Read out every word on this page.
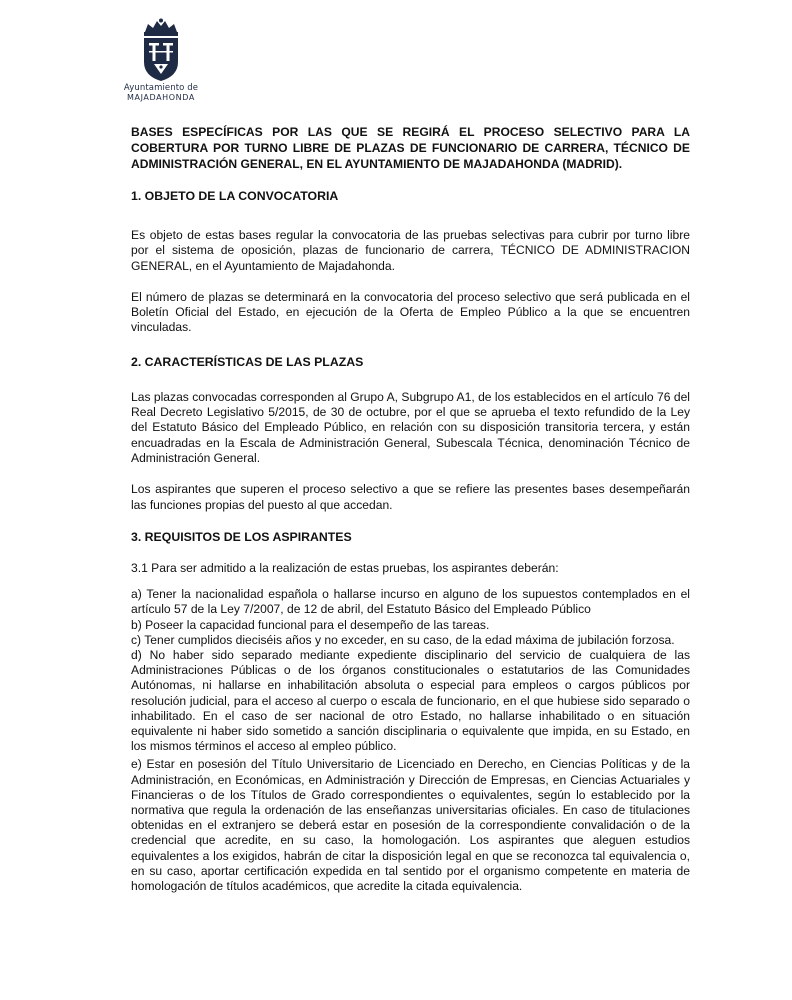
Ayuntamiento de
MAJADAHONDA
BASES ESPECÍFICAS POR LAS QUE SE REGIRÁ EL PROCESO SELECTIVO PARA LA COBERTURA POR TURNO LIBRE DE PLAZAS DE FUNCIONARIO DE CARRERA, TÉCNICO DE ADMINISTRACIÓN GENERAL, EN EL AYUNTAMIENTO DE MAJADAHONDA (MADRID).
1. OBJETO DE LA CONVOCATORIA

Es objeto de estas bases regular la convocatoria de las pruebas selectivas para cubrir por turno libre por el sistema de oposición, plazas de funcionario de carrera, TÉCNICO DE ADMINISTRACION GENERAL, en el Ayuntamiento de Majadahonda.

El número de plazas se determinará en la convocatoria del proceso selectivo que será publicada en el Boletín Oficial del Estado, en ejecución de la Oferta de Empleo Público a la que se encuentren vinculadas.

2. CARACTERÍSTICAS DE LAS PLAZAS

Las plazas convocadas corresponden al Grupo A, Subgrupo A1, de los establecidos en el artículo 76 del Real Decreto Legislativo 5/2015, de 30 de octubre, por el que se aprueba el texto refundido de la Ley del Estatuto Básico del Empleado Público, en relación con su disposición transitoria tercera, y están encuadradas en la Escala de Administración General, Subescala Técnica, denominación Técnico de Administración General.

Los aspirantes que superen el proceso selectivo a que se refiere las presentes bases desempeñarán las funciones propias del puesto al que accedan.

3. REQUISITOS DE LOS ASPIRANTES

3.1 Para ser admitido a la realización de estas pruebas, los aspirantes deberán:

a) Tener la nacionalidad española o hallarse incurso en alguno de los supuestos contemplados en el artículo 57 de la Ley 7/2007, de 12 de abril, del Estatuto Básico del Empleado Público

b) Poseer la capacidad funcional para el desempeño de las tareas.

c) Tener cumplidos dieciséis años y no exceder, en su caso, de la edad máxima de jubilación forzosa.

d) No haber sido separado mediante expediente disciplinario del servicio de cualquiera de las Administraciones Públicas o de los órganos constitucionales o estatutarios de las Comunidades Autónomas, ni hallarse en inhabilitación absoluta o especial para empleos o cargos públicos por resolución judicial, para el acceso al cuerpo o escala de funcionario, en el que hubiese sido separado o inhabilitado. En el caso de ser nacional de otro Estado, no hallarse inhabilitado o en situación equivalente ni haber sido sometido a sanción disciplinaria o equivalente que impida, en su Estado, en los mismos términos el acceso al empleo público.

e) Estar en posesión del Título Universitario de Licenciado en Derecho, en Ciencias Políticas y de la Administración, en Económicas, en Administración y Dirección de Empresas, en Ciencias Actuariales y Financieras o de los Títulos de Grado correspondientes o equivalentes, según lo establecido por la normativa que regula la ordenación de las enseñanzas universitarias oficiales. En caso de titulaciones obtenidas en el extranjero se deberá estar en posesión de la correspondiente convalidación o de la credencial que acredite, en su caso, la homologación. Los aspirantes que aleguen estudios equivalentes a los exigidos, habrán de citar la disposición legal en que se reconozca tal equivalencia o, en su caso, aportar certificación expedida en tal sentido por el organismo competente en materia de homologación de títulos académicos, que acredite la citada equivalencia.
